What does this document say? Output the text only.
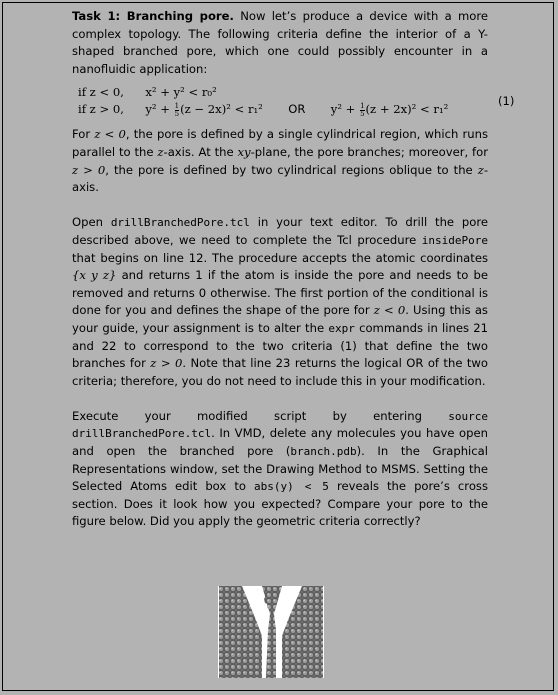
Task 1: Branching pore. Now let’s produce a device with a more complex topology. The following criteria define the interior of a Y-shaped branched pore, which one could possibly encounter in a nanofluidic application:

if z < 0, x² + y² < r₀²
if z > 0, $y^2 + \frac{1}{5} (z - 2x)^2 < r_1^2$ OR $y^2 + \frac{1}{5} (z + 2x)^2 < r_1^2$
(1)

For z < 0, the pore is defined by a single cylindrical region, which runs parallel to the z-axis. At the xy-plane, the pore branches; moreover, for z > 0, the pore is defined by two cylindrical regions oblique to the z-axis.

Open drillBranchedPore.tcl in your text editor. To drill the pore described above, we need to complete the Tcl procedure insidePore that begins on line 12. The procedure accepts the atomic coordinates {x y z} and returns 1 if the atom is inside the pore and needs to be removed and returns 0 otherwise. The first portion of the conditional is done for you and defines the shape of the pore for z < 0. Using this as your guide, your assignment is to alter the expr commands in lines 21 and 22 to correspond to the two criteria (1) that define the two branches for z > 0. Note that line 23 returns the logical OR of the two criteria; therefore, you do not need to include this in your modification.

Execute your modified script by entering source drillBranchedPore.tcl. In VMD, delete any molecules you have open and open the branched pore (branch.pdb). In the Graphical Representations window, set the Drawing Method to MSMS. Setting the Selected Atoms edit box to abs(y) < 5 reveals the pore’s cross section. Does it look how you expected? Compare your pore to the figure below. Did you apply the geometric criteria correctly?
